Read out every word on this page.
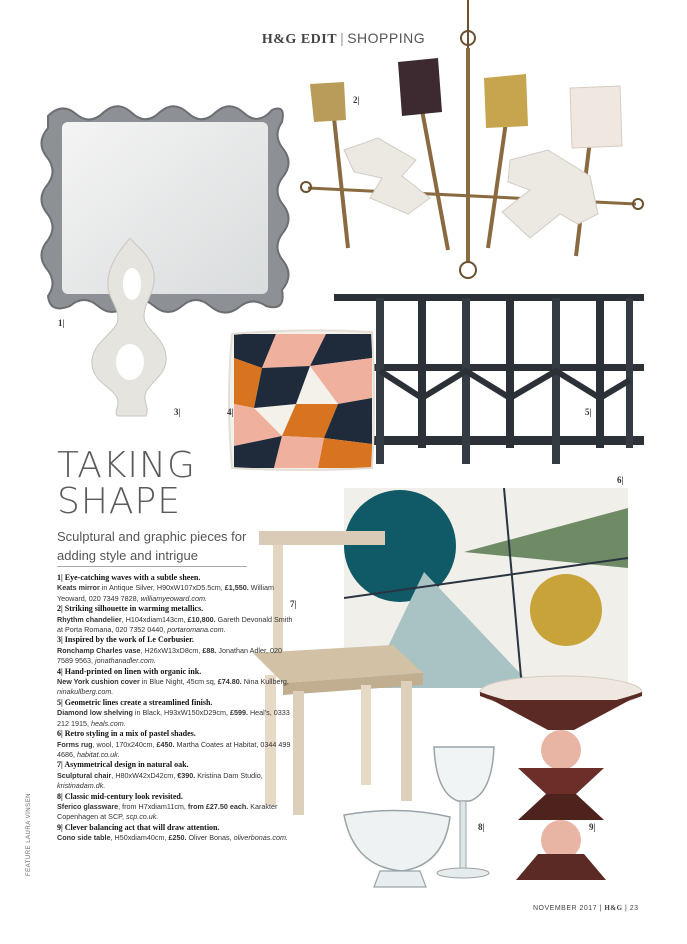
H&G EDIT | SHOPPING
2|
1|
3|	4|	5|
6|
7|
8|	9|
TAKING
SHAPE
Sculptural and graphic pieces for adding style and intrigue
1| Eye-catching waves with a subtle sheen.
Keats mirror in Antique Silver, H90xW107xD5.5cm, £1,550. William Yeoward, 020 7349 7828, williamyeoward.com.
2| Striking silhouette in warming metallics.
Rhythm chandelier, H104xdiam143cm, £10,800. Gareth Devonald Smith at Porta Romana, 020 7352 0440, portaromana.com.
3| Inspired by the work of Le Corbusier.
Ronchamp Charles vase, H26xW13xD8cm, £88. Jonathan Adler, 020 7589 9563, jonathanadler.com.
4| Hand-printed on linen with organic ink.
New York cushion cover in Blue Night, 45cm sq, £74.80. Nina Kullberg, ninakullberg.com.
5| Geometric lines create a streamlined finish.
Diamond low shelving in Black, H93xW150xD29cm, £599. Heal's, 0333 212 1915, heals.com.
6| Retro styling in a mix of pastel shades.
Forms rug, wool, 170x240cm, £450. Martha Coates at Habitat, 0344 499 4686, habitat.co.uk.
7| Asymmetrical design in natural oak.
Sculptural chair, H80xW42xD42cm, €390. Kristina Dam Studio, kristinadam.dk.
8| Classic mid-century look revisited.
Sferico glassware, from H7xdiam11cm, from £27.50 each. Karakter Copenhagen at SCP, scp.co.uk.
9| Clever balancing act that will draw attention.
Cono side table, H50xdiam40cm, £250. Oliver Bonas, oliverbonas.com.
FEATURE LAURA VINSEN
NOVEMBER 2017 | H&G | 23
